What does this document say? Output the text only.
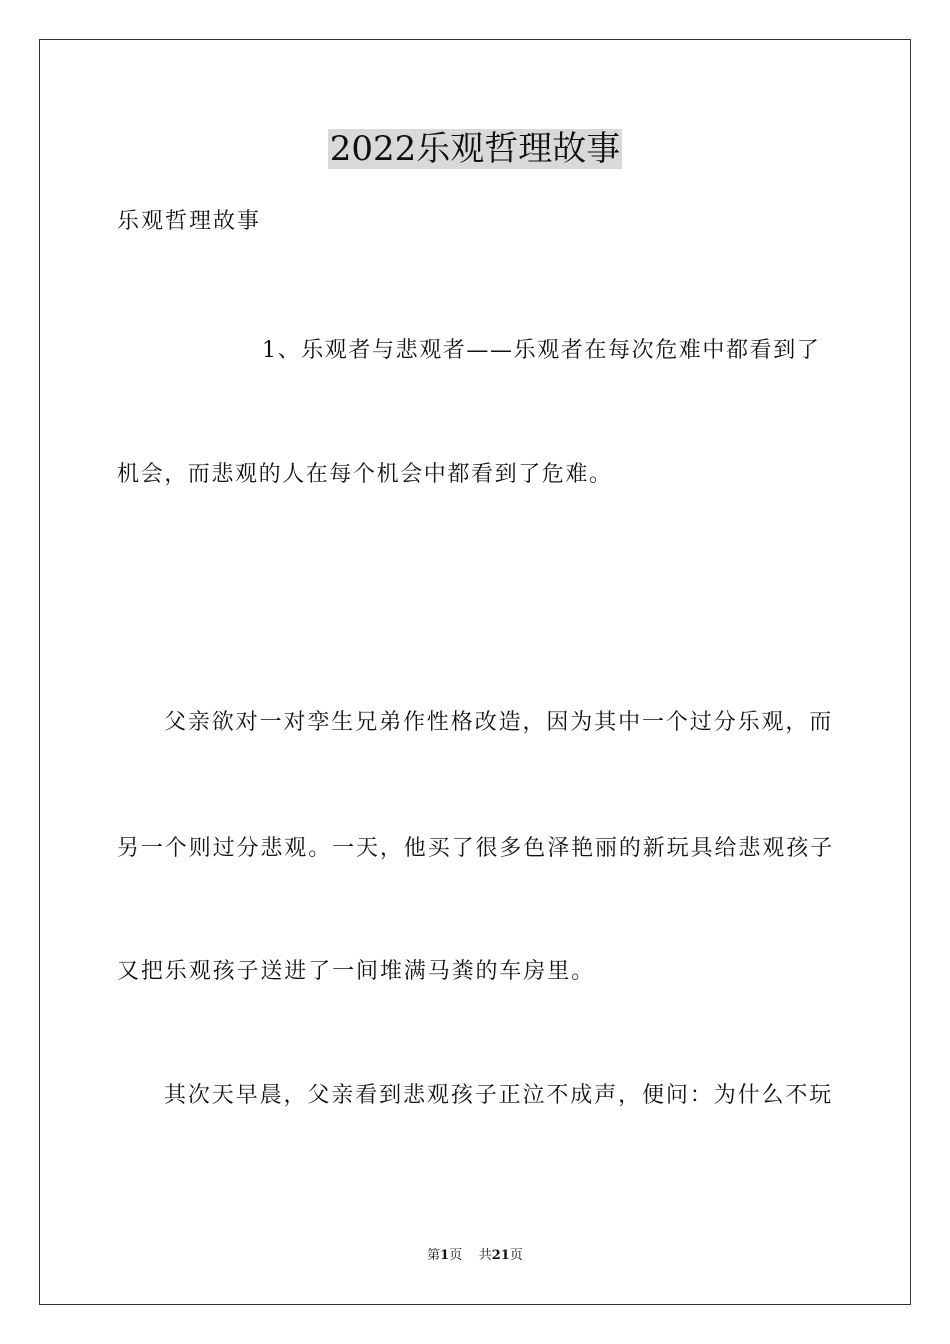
2022乐观哲理故事
乐观哲理故事
1、乐观者与悲观者——乐观者在每次危难中都看到了
机会，而悲观的人在每个机会中都看到了危难。
父亲欲对一对孪生兄弟作性格改造，因为其中一个过分乐观，而
另一个则过分悲观。一天，他买了很多色泽艳丽的新玩具给悲观孩子
又把乐观孩子送进了一间堆满马粪的车房里。
其次天早晨，父亲看到悲观孩子正泣不成声，便问：为什么不玩
第1页 共21页
